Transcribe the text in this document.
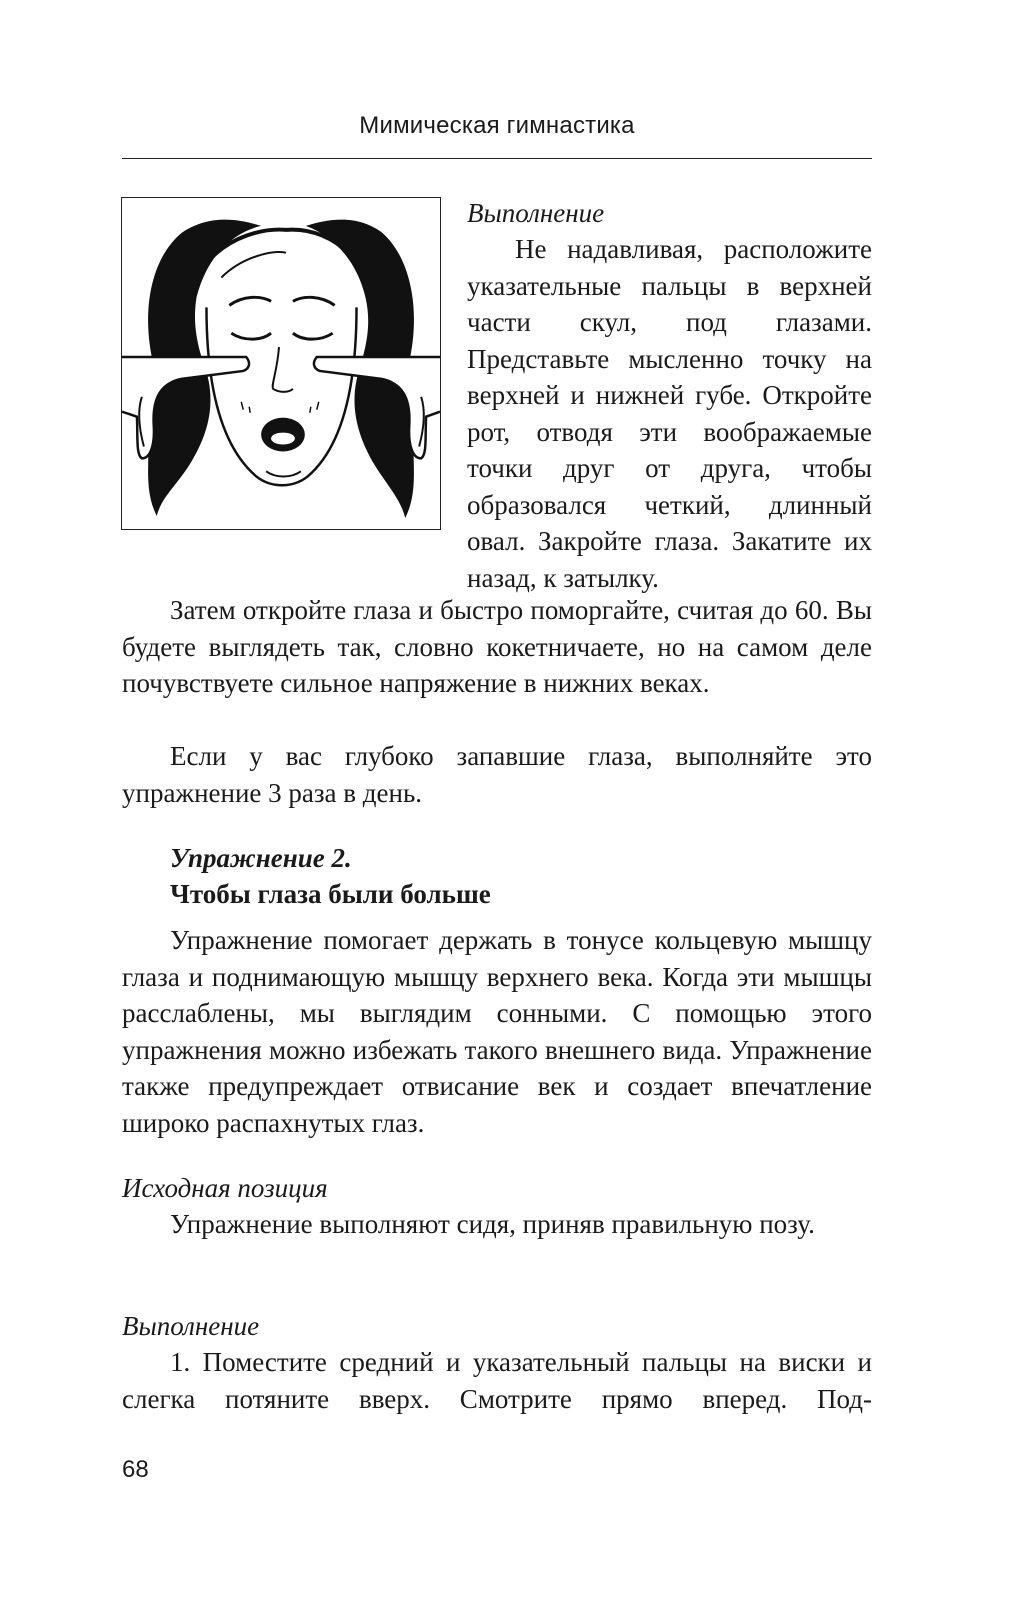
Мимическая гимнастика

Выполнение

Не надавливая, расположите указательные пальцы в верхней части скул, под глазами. Представьте мысленно точку на верхней и нижней губе. Откройте рот, отводя эти воображаемые точки друг от друга, чтобы образовался четкий, длинный овал. Закройте глаза. Закатите их назад, к затылку.

Затем откройте глаза и быстро поморгайте, считая до 60. Вы будете выглядеть так, словно кокетничаете, но на самом деле почувствуете сильное напряжение в нижних веках.

Если у вас глубоко запавшие глаза, выполняйте это упражнение 3 раза в день.

Упражнение 2.

Чтобы глаза были больше

Упражнение помогает держать в тонусе кольцевую мышцу глаза и поднимающую мышцу верхнего века. Когда эти мышцы расслаблены, мы выглядим сонными. С помощью этого упражнения можно избежать такого внешнего вида. Упражнение также предупреждает отвисание век и создает впечатление широко распахнутых глаз.

Исходная позиция

Упражнение выполняют сидя, приняв правильную позу.

Выполнение

1. Поместите средний и указательный пальцы на виски и слегка потяните вверх. Смотрите прямо вперед. Под-

68
